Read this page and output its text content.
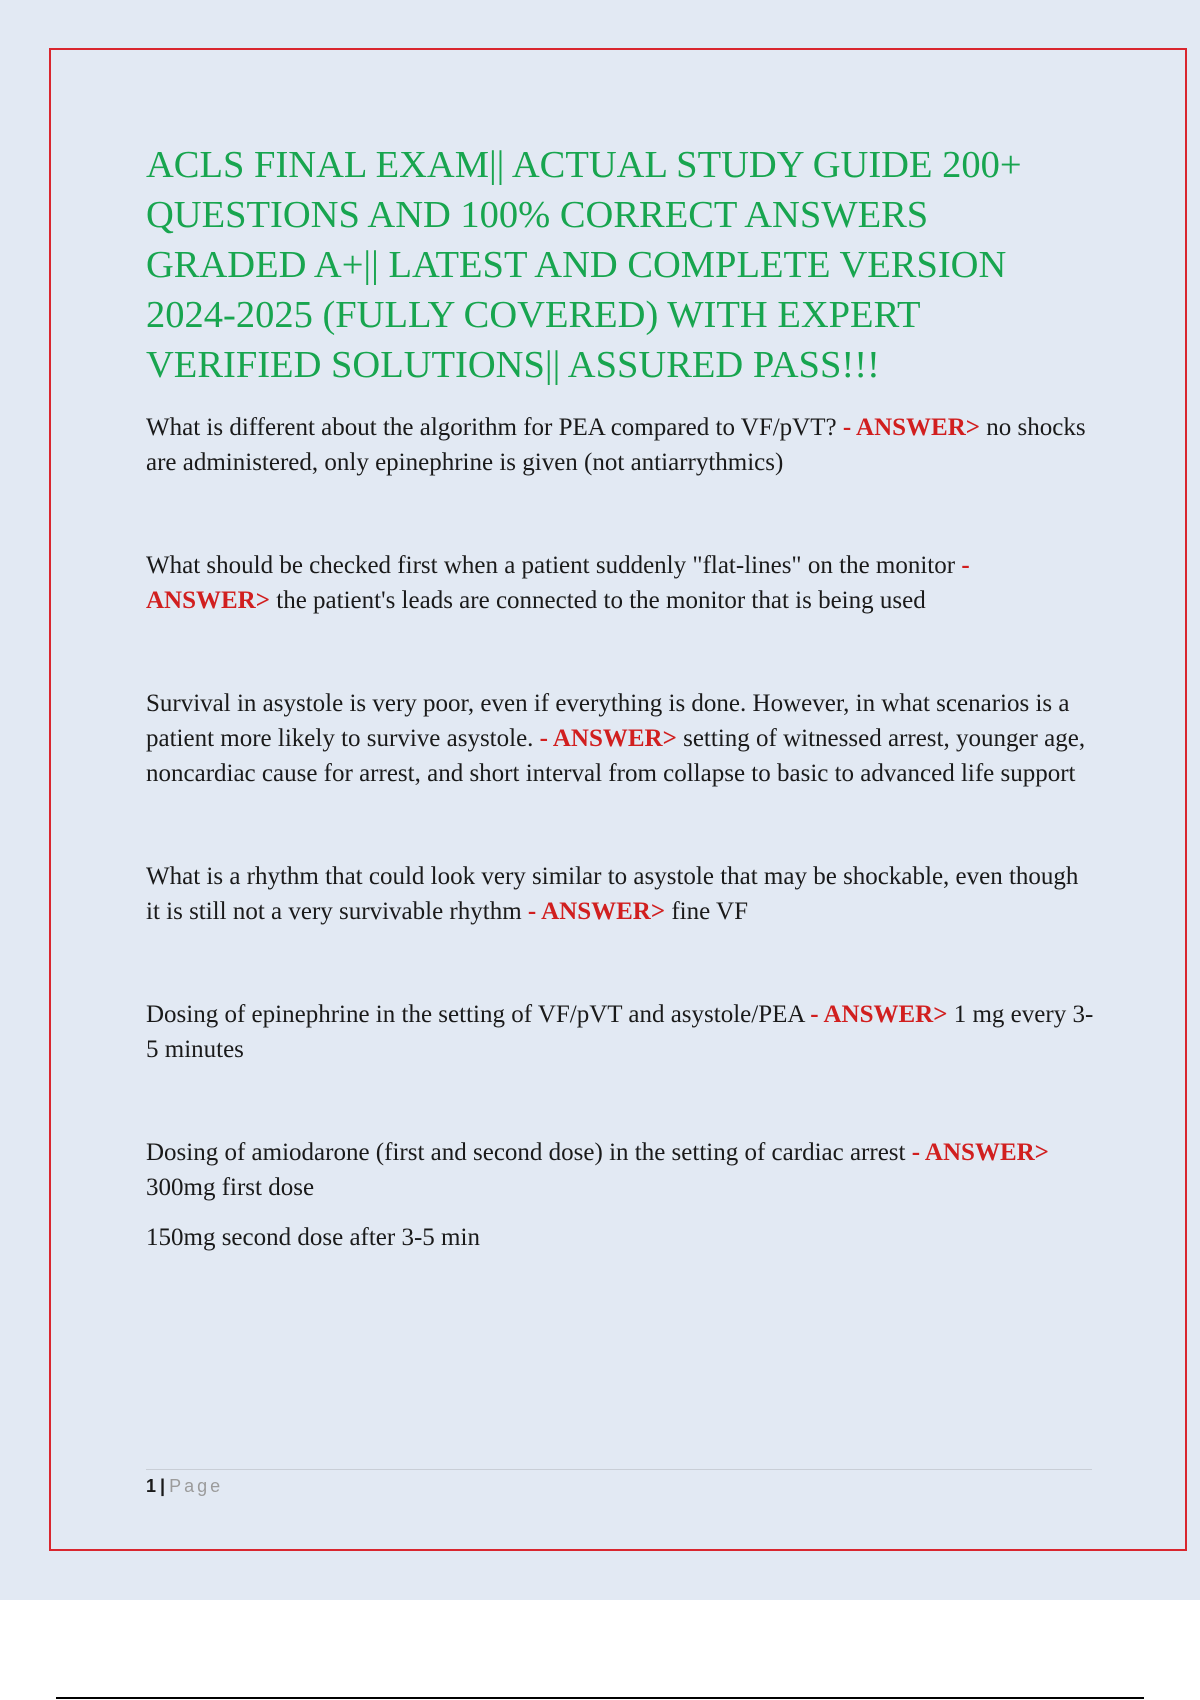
ACLS FINAL EXAM|| ACTUAL STUDY GUIDE 200+ QUESTIONS AND 100% CORRECT ANSWERS GRADED A+|| LATEST AND COMPLETE VERSION 2024-2025 (FULLY COVERED) WITH EXPERT VERIFIED SOLUTIONS|| ASSURED PASS!!!

What is different about the algorithm for PEA compared to VF/pVT? - ANSWER> no shocks are administered, only epinephrine is given (not antiarrythmics)

What should be checked first when a patient suddenly "flat-lines" on the monitor - ANSWER> the patient's leads are connected to the monitor that is being used

Survival in asystole is very poor, even if everything is done. However, in what scenarios is a patient more likely to survive asystole. - ANSWER> setting of witnessed arrest, younger age, noncardiac cause for arrest, and short interval from collapse to basic to advanced life support

What is a rhythm that could look very similar to asystole that may be shockable, even though it is still not a very survivable rhythm - ANSWER> fine VF

Dosing of epinephrine in the setting of VF/pVT and asystole/PEA - ANSWER> 1 mg every 3-5 minutes

Dosing of amiodarone (first and second dose) in the setting of cardiac arrest - ANSWER> 300mg first dose
150mg second dose after 3-5 min
1 | Page
